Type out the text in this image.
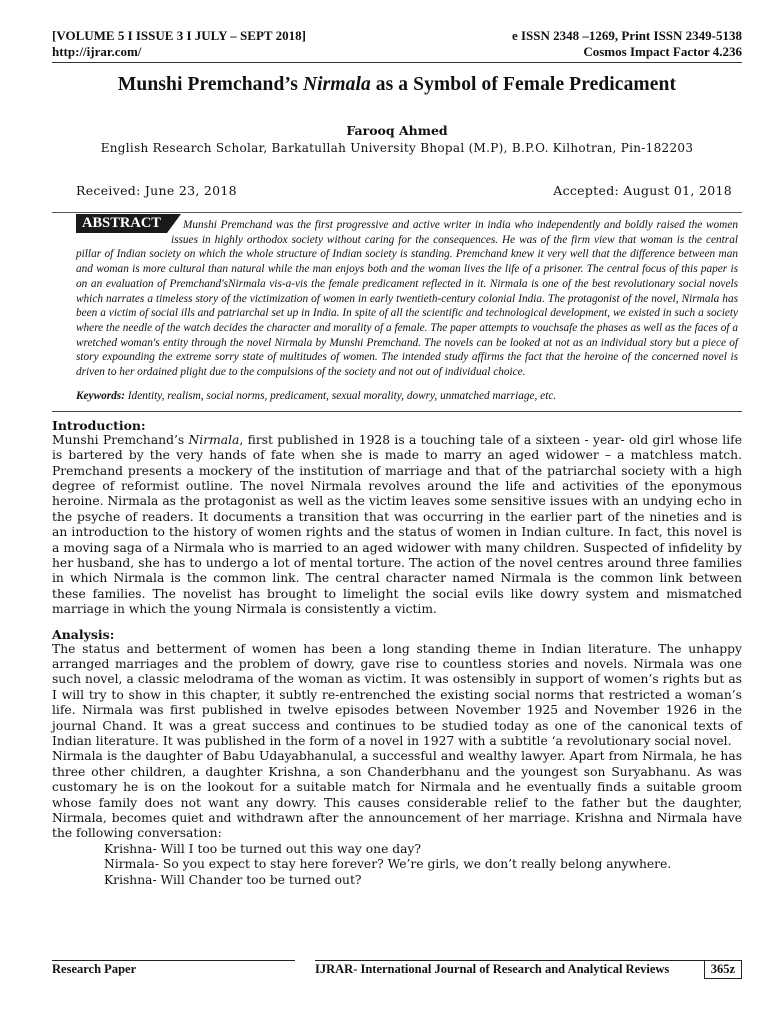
[VOLUME 5 I ISSUE 3 I JULY – SEPT 2018]
http://ijrar.com/
e ISSN 2348 –1269, Print ISSN 2349-5138
Cosmos Impact Factor 4.236
Munshi Premchand’s Nirmala as a Symbol of Female Predicament
Farooq Ahmed
English Research Scholar, Barkatullah University Bhopal (M.P), B.P.O. Kilhotran, Pin-182203
Received: June 23, 2018	Accepted: August 01, 2018
ABSTRACT	Munshi Premchand was the first progressive and active writer in india who independently and boldly raised the women issues in highly orthodox society without caring for the consequences. He was of the firm view that woman is the central pillar of Indian society on which the whole structure of Indian society is standing. Premchand knew it very well that the difference between man and woman is more cultural than natural while the man enjoys both and the woman lives the life of a prisoner. The central focus of this paper is on an evaluation of Premchand'sNirmala vis-a-vis the female predicament reflected in it. Nirmala is one of the best revolutionary social novels which narrates a timeless story of the victimization of women in early twentieth-century colonial India. The protagonist of the novel, Nirmala has been a victim of social ills and patriarchal set up in India. In spite of all the scientific and technological development, we existed in such a society where the needle of the watch decides the character and morality of a female. The paper attempts to vouchsafe the phases as well as the faces of a wretched woman's entity through the novel Nirmala by Munshi Premchand. The novels can be looked at not as an individual story but a piece of story expounding the extreme sorry state of multitudes of women. The intended study affirms the fact that the heroine of the concerned novel is driven to her ordained plight due to the compulsions of the society and not out of individual choice.
Keywords: Identity, realism, social norms, predicament, sexual morality, dowry, unmatched marriage, etc.
Introduction:
Munshi Premchand’s Nirmala, first published in 1928 is a touching tale of a sixteen - year- old girl whose life is bartered by the very hands of fate when she is made to marry an aged widower – a matchless match. Premchand presents a mockery of the institution of marriage and that of the patriarchal society with a high degree of reformist outline. The novel Nirmala revolves around the life and activities of the eponymous heroine. Nirmala as the protagonist as well as the victim leaves some sensitive issues with an undying echo in the psyche of readers. It documents a transition that was occurring in the earlier part of the nineties and is an introduction to the history of women rights and the status of women in Indian culture. In fact, this novel is a moving saga of a Nirmala who is married to an aged widower with many children. Suspected of infidelity by her husband, she has to undergo a lot of mental torture. The action of the novel centres around three families in which Nirmala is the common link. The central character named Nirmala is the common link between these families. The novelist has brought to limelight the social evils like dowry system and mismatched marriage in which the young Nirmala is consistently a victim.
Analysis:
The status and betterment of women has been a long standing theme in Indian literature. The unhappy arranged marriages and the problem of dowry, gave rise to countless stories and novels. Nirmala was one such novel, a classic melodrama of the woman as victim. It was ostensibly in support of women’s rights but as I will try to show in this chapter, it subtly re-entrenched the existing social norms that restricted a woman’s life. Nirmala was first published in twelve episodes between November 1925 and November 1926 in the journal Chand. It was a great success and continues to be studied today as one of the canonical texts of Indian literature. It was published in the form of a novel in 1927 with a subtitle ‘a revolutionary social novel.
Nirmala is the daughter of Babu Udayabhanulal, a successful and wealthy lawyer. Apart from Nirmala, he has three other children, a daughter Krishna, a son Chanderbhanu and the youngest son Suryabhanu. As was customary he is on the lookout for a suitable match for Nirmala and he eventually finds a suitable groom whose family does not want any dowry. This causes considerable relief to the father but the daughter, Nirmala, becomes quiet and withdrawn after the announcement of her marriage. Krishna and Nirmala have the following conversation:
Krishna- Will I too be turned out this way one day?
Nirmala- So you expect to stay here forever? We’re girls, we don’t really belong anywhere.
Krishna- Will Chander too be turned out?
Research Paper	IJRAR- International Journal of Research and Analytical Reviews	365z
